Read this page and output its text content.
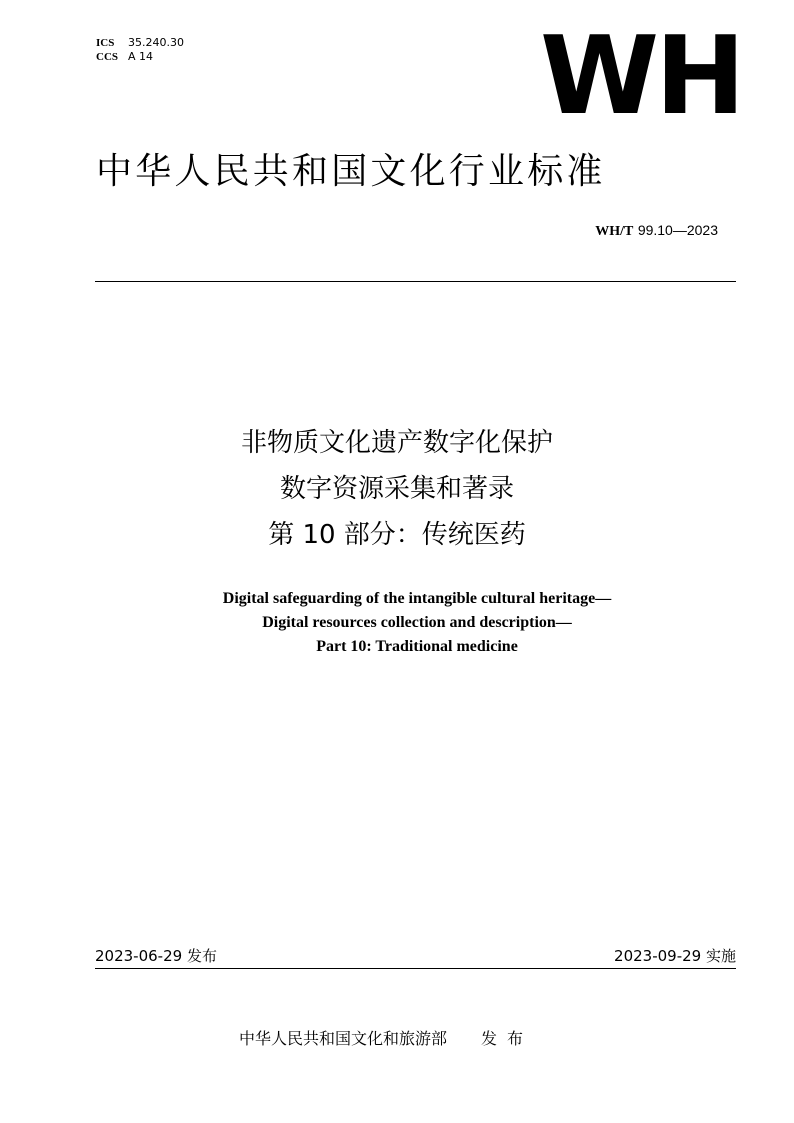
ICS 35.240.30
CCS A 14	WH
中华人民共和国文化行业标准
WH/T 99.10—2023
非物质文化遗产数字化保护
数字资源采集和著录
第 10 部分：传统医药
Digital safeguarding of the intangible cultural heritage—
Digital resources collection and description—
Part 10: Traditional medicine
2023-06-29 发布	2023-09-29 实施
中华人民共和国文化和旅游部 发布
